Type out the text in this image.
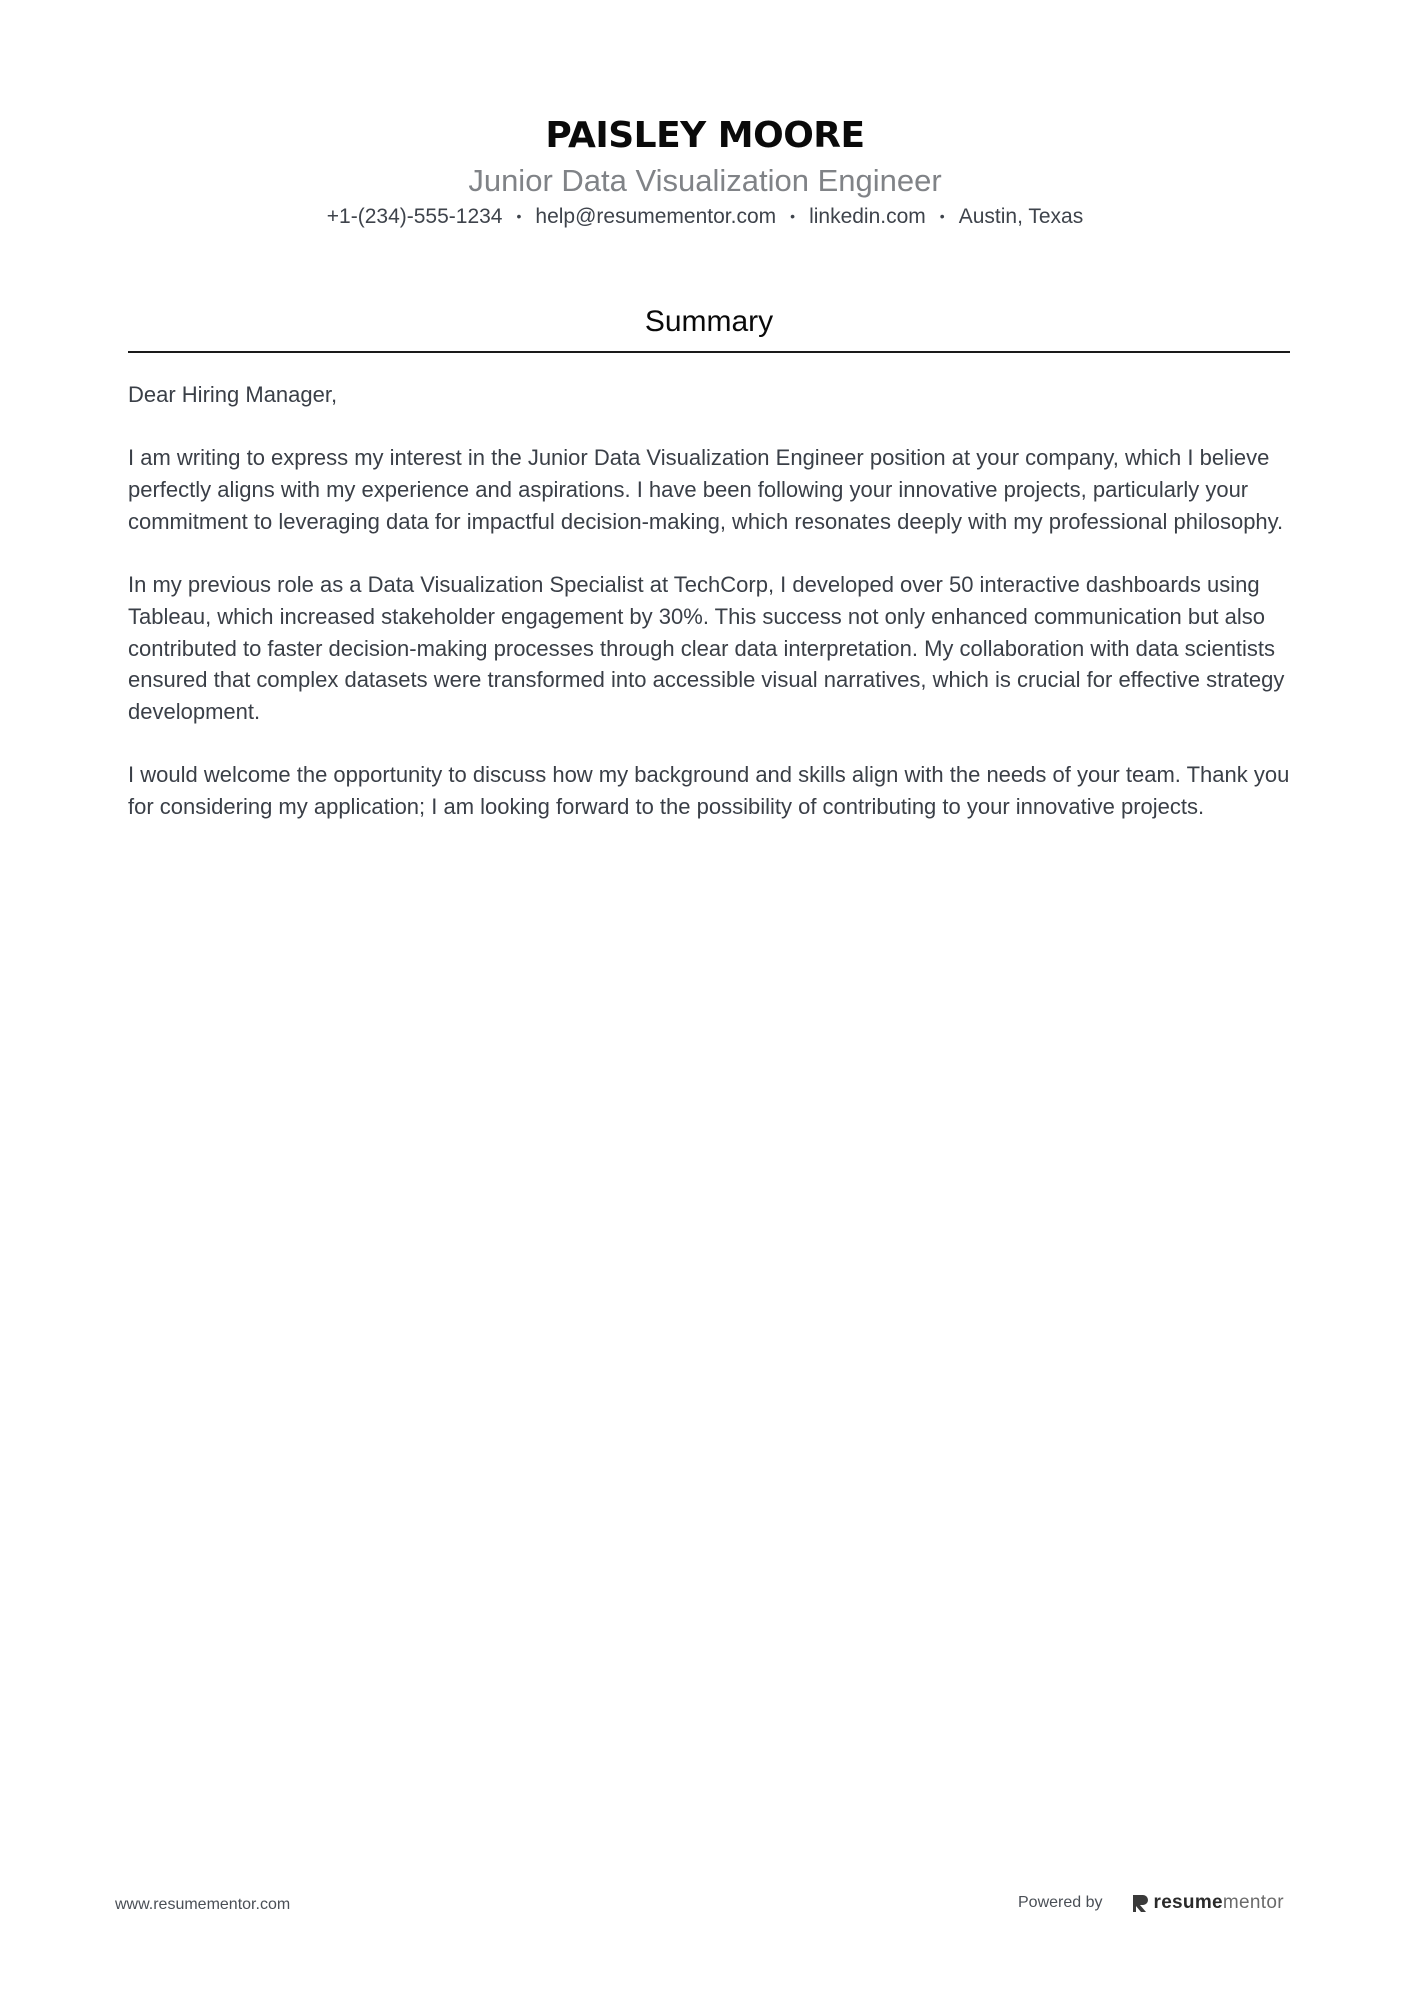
PAISLEY MOORE
Junior Data Visualization Engineer
+1-(234)-555-1234 • help@resumementor.com • linkedin.com • Austin, Texas
Summary

Dear Hiring Manager,

I am writing to express my interest in the Junior Data Visualization Engineer position at your company, which I believe perfectly aligns with my experience and aspirations. I have been following your innovative projects, particularly your commitment to leveraging data for impactful decision-making, which resonates deeply with my professional philosophy.

In my previous role as a Data Visualization Specialist at TechCorp, I developed over 50 interactive dashboards using Tableau, which increased stakeholder engagement by 30%. This success not only enhanced communication but also contributed to faster decision-making processes through clear data interpretation. My collaboration with data scientists ensured that complex datasets were transformed into accessible visual narratives, which is crucial for effective strategy development.

I would welcome the opportunity to discuss how my background and skills align with the needs of your team. Thank you for considering my application; I am looking forward to the possibility of contributing to your innovative projects.

www.resumementor.com	Powered by	resumementor
